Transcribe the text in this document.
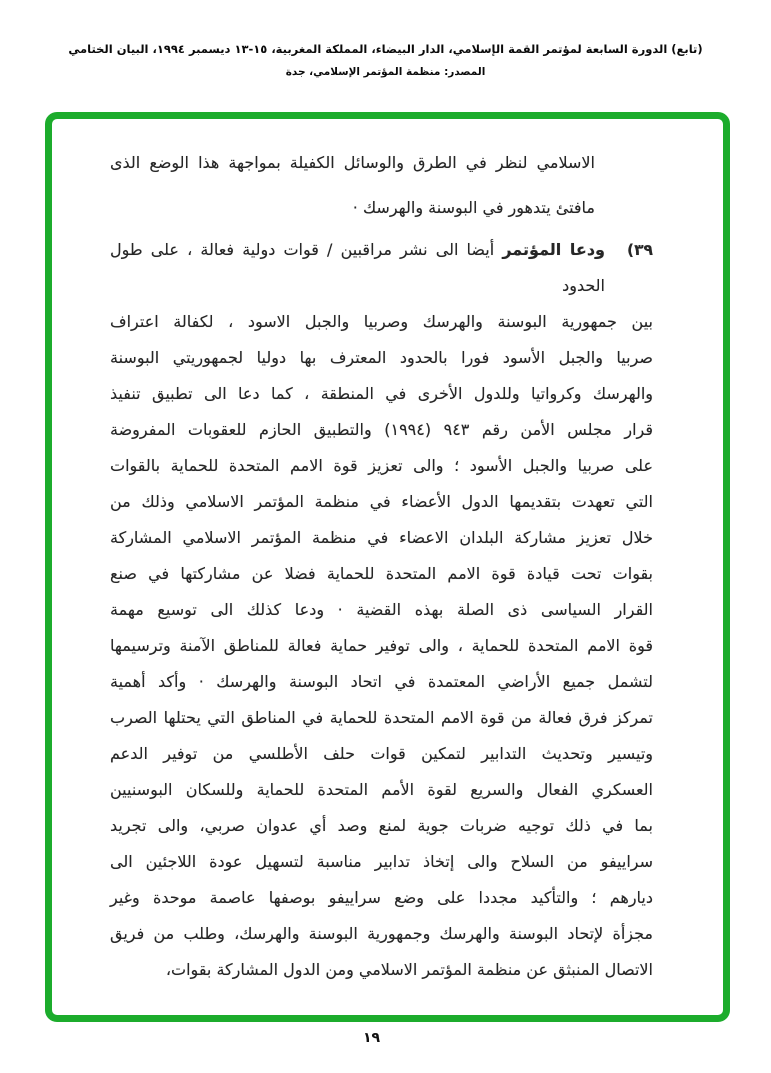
(تابع) الدورة السابعة لمؤتمر القمة الإسلامي، الدار البيضاء، المملكة المغربية، ١٥-١٣ ديسمبر ١٩٩٤، البيان الختامي
المصدر: منظمة المؤتمر الإسلامي، جدة
الاسلامي لنظر في الطرق والوسائل الكفيلة بمواجهة هذا الوضع الذى
مافتئ يتدهور في البوسنة والهرسك ·
٣٩)
ودعا المؤتمر أيضا الى نشر مراقبين / قوات دولية فعالة ، على طول الحدود
بين جمهورية البوسنة والهرسك وصربيا والجبل الاسود ، لكفالة اعتراف
صربيا والجبل الأسود فورا بالحدود المعترف بها دوليا لجمهوريتي البوسنة
والهرسك وكرواتيا وللدول الأخرى في المنطقة ، كما دعا الى تطبيق تنفيذ
قرار مجلس الأمن رقم ٩٤٣ (١٩٩٤) والتطبيق الحازم للعقوبات المفروضة
على صربيا والجبل الأسود ؛ والى تعزيز قوة الامم المتحدة للحماية بالقوات
التي تعهدت بتقديمها الدول الأعضاء في منظمة المؤتمر الاسلامي وذلك من
خلال تعزيز مشاركة البلدان الاعضاء في منظمة المؤتمر الاسلامي المشاركة
بقوات تحت قيادة قوة الامم المتحدة للحماية فضلا عن مشاركتها في صنع
القرار السياسى ذى الصلة بهذه القضية · ودعا كذلك الى توسيع مهمة
قوة الامم المتحدة للحماية ، والى توفير حماية فعالة للمناطق الآمنة وترسيمها
لتشمل جميع الأراضي المعتمدة في اتحاد البوسنة والهرسك · وأكد أهمية
تمركز فرق فعالة من قوة الامم المتحدة للحماية في المناطق التي يحتلها الصرب
وتيسير وتحديث التدابير لتمكين قوات حلف الأطلسي من توفير الدعم
العسكري الفعال والسريع لقوة الأمم المتحدة للحماية وللسكان البوسنيين
بما في ذلك توجيه ضربات جوية لمنع وصد أي عدوان صربي، والى تجريد
سراييفو من السلاح والى إتخاذ تدابير مناسبة لتسهيل عودة اللاجئين الى
ديارهم ؛ والتأكيد مجددا على وضع سراييفو بوصفها عاصمة موحدة وغير
مجزأة لإتحاد البوسنة والهرسك وجمهورية البوسنة والهرسك، وطلب من فريق
الاتصال المنبثق عن منظمة المؤتمر الاسلامي ومن الدول المشاركة بقوات،
١٩
